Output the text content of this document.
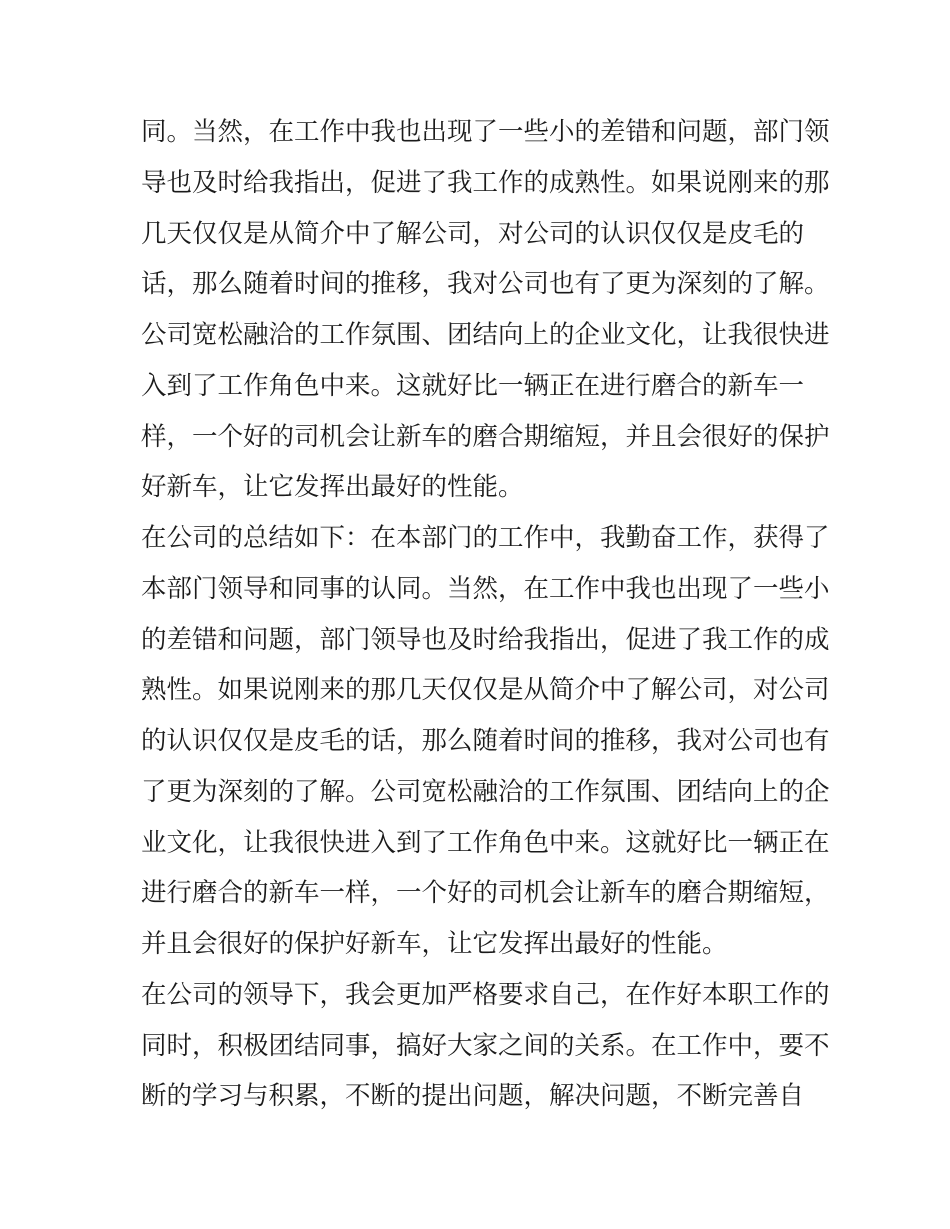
同。当然，在工作中我也出现了一些小的差错和问题，部门领
导也及时给我指出，促进了我工作的成熟性。如果说刚来的那
几天仅仅是从简介中了解公司，对公司的认识仅仅是皮毛的
话，那么随着时间的推移，我对公司也有了更为深刻的了解。
公司宽松融洽的工作氛围、团结向上的企业文化，让我很快进
入到了工作角色中来。这就好比一辆正在进行磨合的新车一
样，一个好的司机会让新车的磨合期缩短，并且会很好的保护
好新车，让它发挥出最好的性能。
在公司的总结如下：在本部门的工作中，我勤奋工作，获得了
本部门领导和同事的认同。当然，在工作中我也出现了一些小
的差错和问题，部门领导也及时给我指出，促进了我工作的成
熟性。如果说刚来的那几天仅仅是从简介中了解公司，对公司
的认识仅仅是皮毛的话，那么随着时间的推移，我对公司也有
了更为深刻的了解。公司宽松融洽的工作氛围、团结向上的企
业文化，让我很快进入到了工作角色中来。这就好比一辆正在
进行磨合的新车一样，一个好的司机会让新车的磨合期缩短，
并且会很好的保护好新车，让它发挥出最好的性能。
在公司的领导下，我会更加严格要求自己，在作好本职工作的
同时，积极团结同事，搞好大家之间的关系。在工作中，要不
断的学习与积累，不断的提出问题，解决问题，不断完善自
